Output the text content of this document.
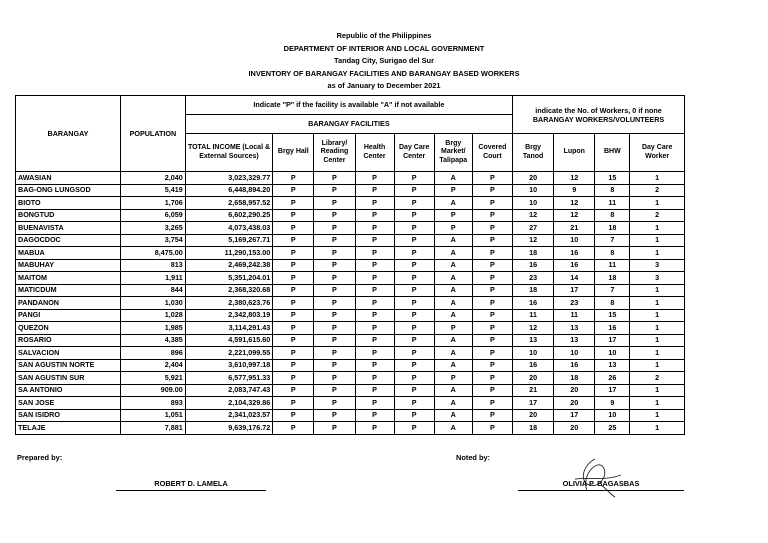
Republic of the Philippines
DEPARTMENT OF INTERIOR AND LOCAL GOVERNMENT
Tandag City, Surigao del Sur
INVENTORY OF BARANGAY FACILITIES AND BARANGAY BASED WORKERS
as of January to December 2021
BARANGAY	POPULATION	Indicate "P" if the facility is available "A" if not available							indicate the No. of Workers, 0 if none BARANGAY WORKERS/VOLUNTEERS			
		BARANGAY FACILITIES										
		TOTAL INCOME (Local & External Sources)	Brgy Hall	Library/ Reading Center	Health Center	Day Care Center	Brgy Market/ Talipapa	Covered Court	Brgy Tanod	Lupon	BHW	Day Care Worker
AWASIAN	2,040	3,023,329.77	P	P	P	P	A	P	20	12	15	1
BAG-ONG LUNGSOD	5,419	6,448,894.20	P	P	P	P	P	P	10	9	8	2
BIOTO	1,706	2,658,957.52	P	P	P	P	A	P	10	12	11	1
BONGTUD	6,059	6,602,290.25	P	P	P	P	P	P	12	12	8	2
BUENAVISTA	3,265	4,073,438.03	P	P	P	P	P	P	27	21	18	1
DAGOCDOC	3,754	5,169,267.71	P	P	P	P	A	P	12	10	7	1
MABUA	8,475.00	11,290,153.00	P	P	P	P	A	P	18	16	8	1
MABUHAY	813	2,469,242.38	P	P	P	P	A	P	16	16	11	3
MAITOM	1,911	5,351,204.01	P	P	P	P	A	P	23	14	18	3
MATICDUM	844	2,368,320.68	P	P	P	P	A	P	18	17	7	1
PANDANON	1,030	2,380,623.76	P	P	P	P	A	P	16	23	8	1
PANGI	1,028	2,342,803.19	P	P	P	P	A	P	11	11	15	1
QUEZON	1,985	3,114,291.43	P	P	P	P	P	P	12	13	16	1
ROSARIO	4,385	4,591,615.60	P	P	P	P	A	P	13	13	17	1
SALVACION	896	2,221,099.55	P	P	P	P	A	P	10	10	10	1
SAN AGUSTIN NORTE	2,404	3,610,997.18	P	P	P	P	A	P	16	16	13	1
SAN AGUSTIN SUR	5,921	6,577,951.33	P	P	P	P	P	P	20	18	26	2
SA ANTONIO	909.00	2,083,747.43	P	P	P	P	A	P	21	20	17	1
SAN JOSE	893	2,104,329.86	P	P	P	P	A	P	17	20	9	1
SAN ISIDRO	1,051	2,341,023.57	P	P	P	P	A	P	20	17	10	1
TELAJE	7,881	9,639,176.72	P	P	P	P	A	P	18	20	25	1
Prepared by:	Noted by:
ROBERT D. LAMELA	OLIVIA P. BAGASBAS
